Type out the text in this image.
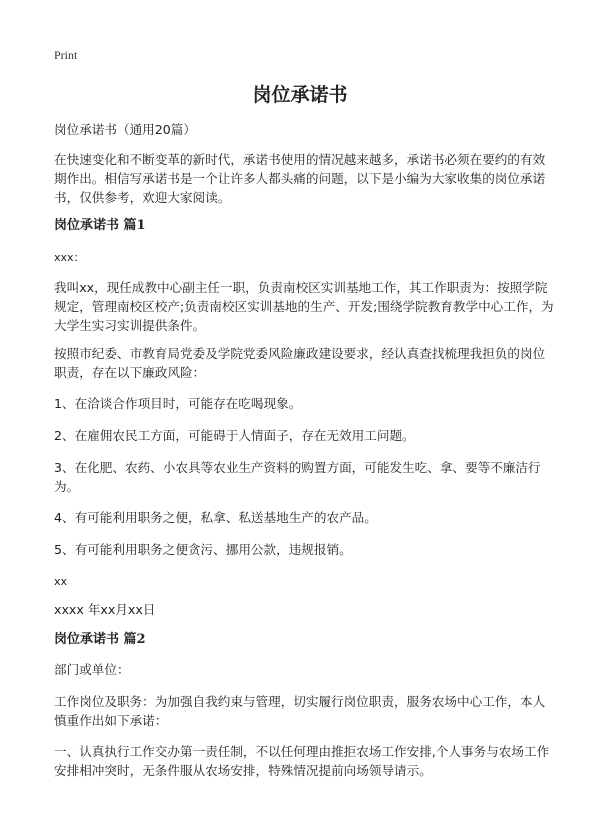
Print
岗位承诺书

岗位承诺书（通用20篇）

在快速变化和不断变革的新时代，承诺书使用的情况越来越多，承诺书必须在要约的有效期作出。相信写承诺书是一个让许多人都头痛的问题，以下是小编为大家收集的岗位承诺书，仅供参考，欢迎大家阅读。

岗位承诺书 篇1
xxx：

我叫xx，现任成教中心副主任一职，负责南校区实训基地工作，其工作职责为：按照学院规定，管理南校区校产;负责南校区实训基地的生产、开发;围绕学院教育教学中心工作，为大学生实习实训提供条件。

按照市纪委、市教育局党委及学院党委风险廉政建设要求，经认真查找梳理我担负的岗位职责，存在以下廉政风险：

1、在洽谈合作项目时，可能存在吃喝现象。
2、在雇佣农民工方面，可能碍于人情面子，存在无效用工问题。
3、在化肥、农药、小农具等农业生产资料的购置方面，可能发生吃、拿、要等不廉洁行为。
4、有可能利用职务之便，私拿、私送基地生产的农产品。
5、有可能利用职务之便贪污、挪用公款，违规报销。
xx
xxxx 年xx月xx日
岗位承诺书 篇2
部门或单位：

工作岗位及职务：为加强自我约束与管理，切实履行岗位职责，服务农场中心工作，本人慎重作出如下承诺：

一、认真执行工作交办第一责任制，不以任何理由推拒农场工作安排,个人事务与农场工作安排相冲突时，无条件服从农场安排，特殊情况提前向场领导请示。
